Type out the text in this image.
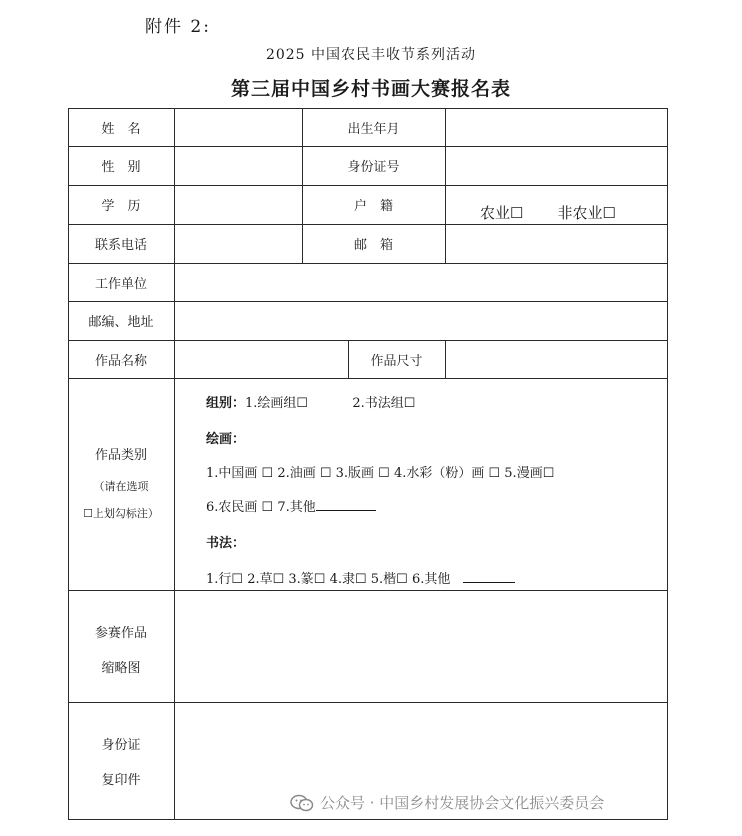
附件 2:
2025 中国农民丰收节系列活动
第三届中国乡村书画大赛报名表
姓　名	出生年月
性　别	身份证号
学　历	户　籍	农业☐ 非农业☐
联系电话	邮　箱
工作单位
邮编、地址
作品名称	作品尺寸
作品类别
（请在选项
☐上划勾标注）
组别：1.绘画组☐	2.书法组☐
绘画：
1.中国画 ☐ 2.油画 ☐ 3.版画 ☐ 4.水彩（粉）画 ☐ 5.漫画☐
6.农民画 ☐ 7.其他
书法：
1.行☐ 2.草☐ 3.篆☐ 4.隶☐ 5.楷☐ 6.其他
参赛作品
缩略图
身份证
复印件
公众号 · 中国乡村发展协会文化振兴委员会
